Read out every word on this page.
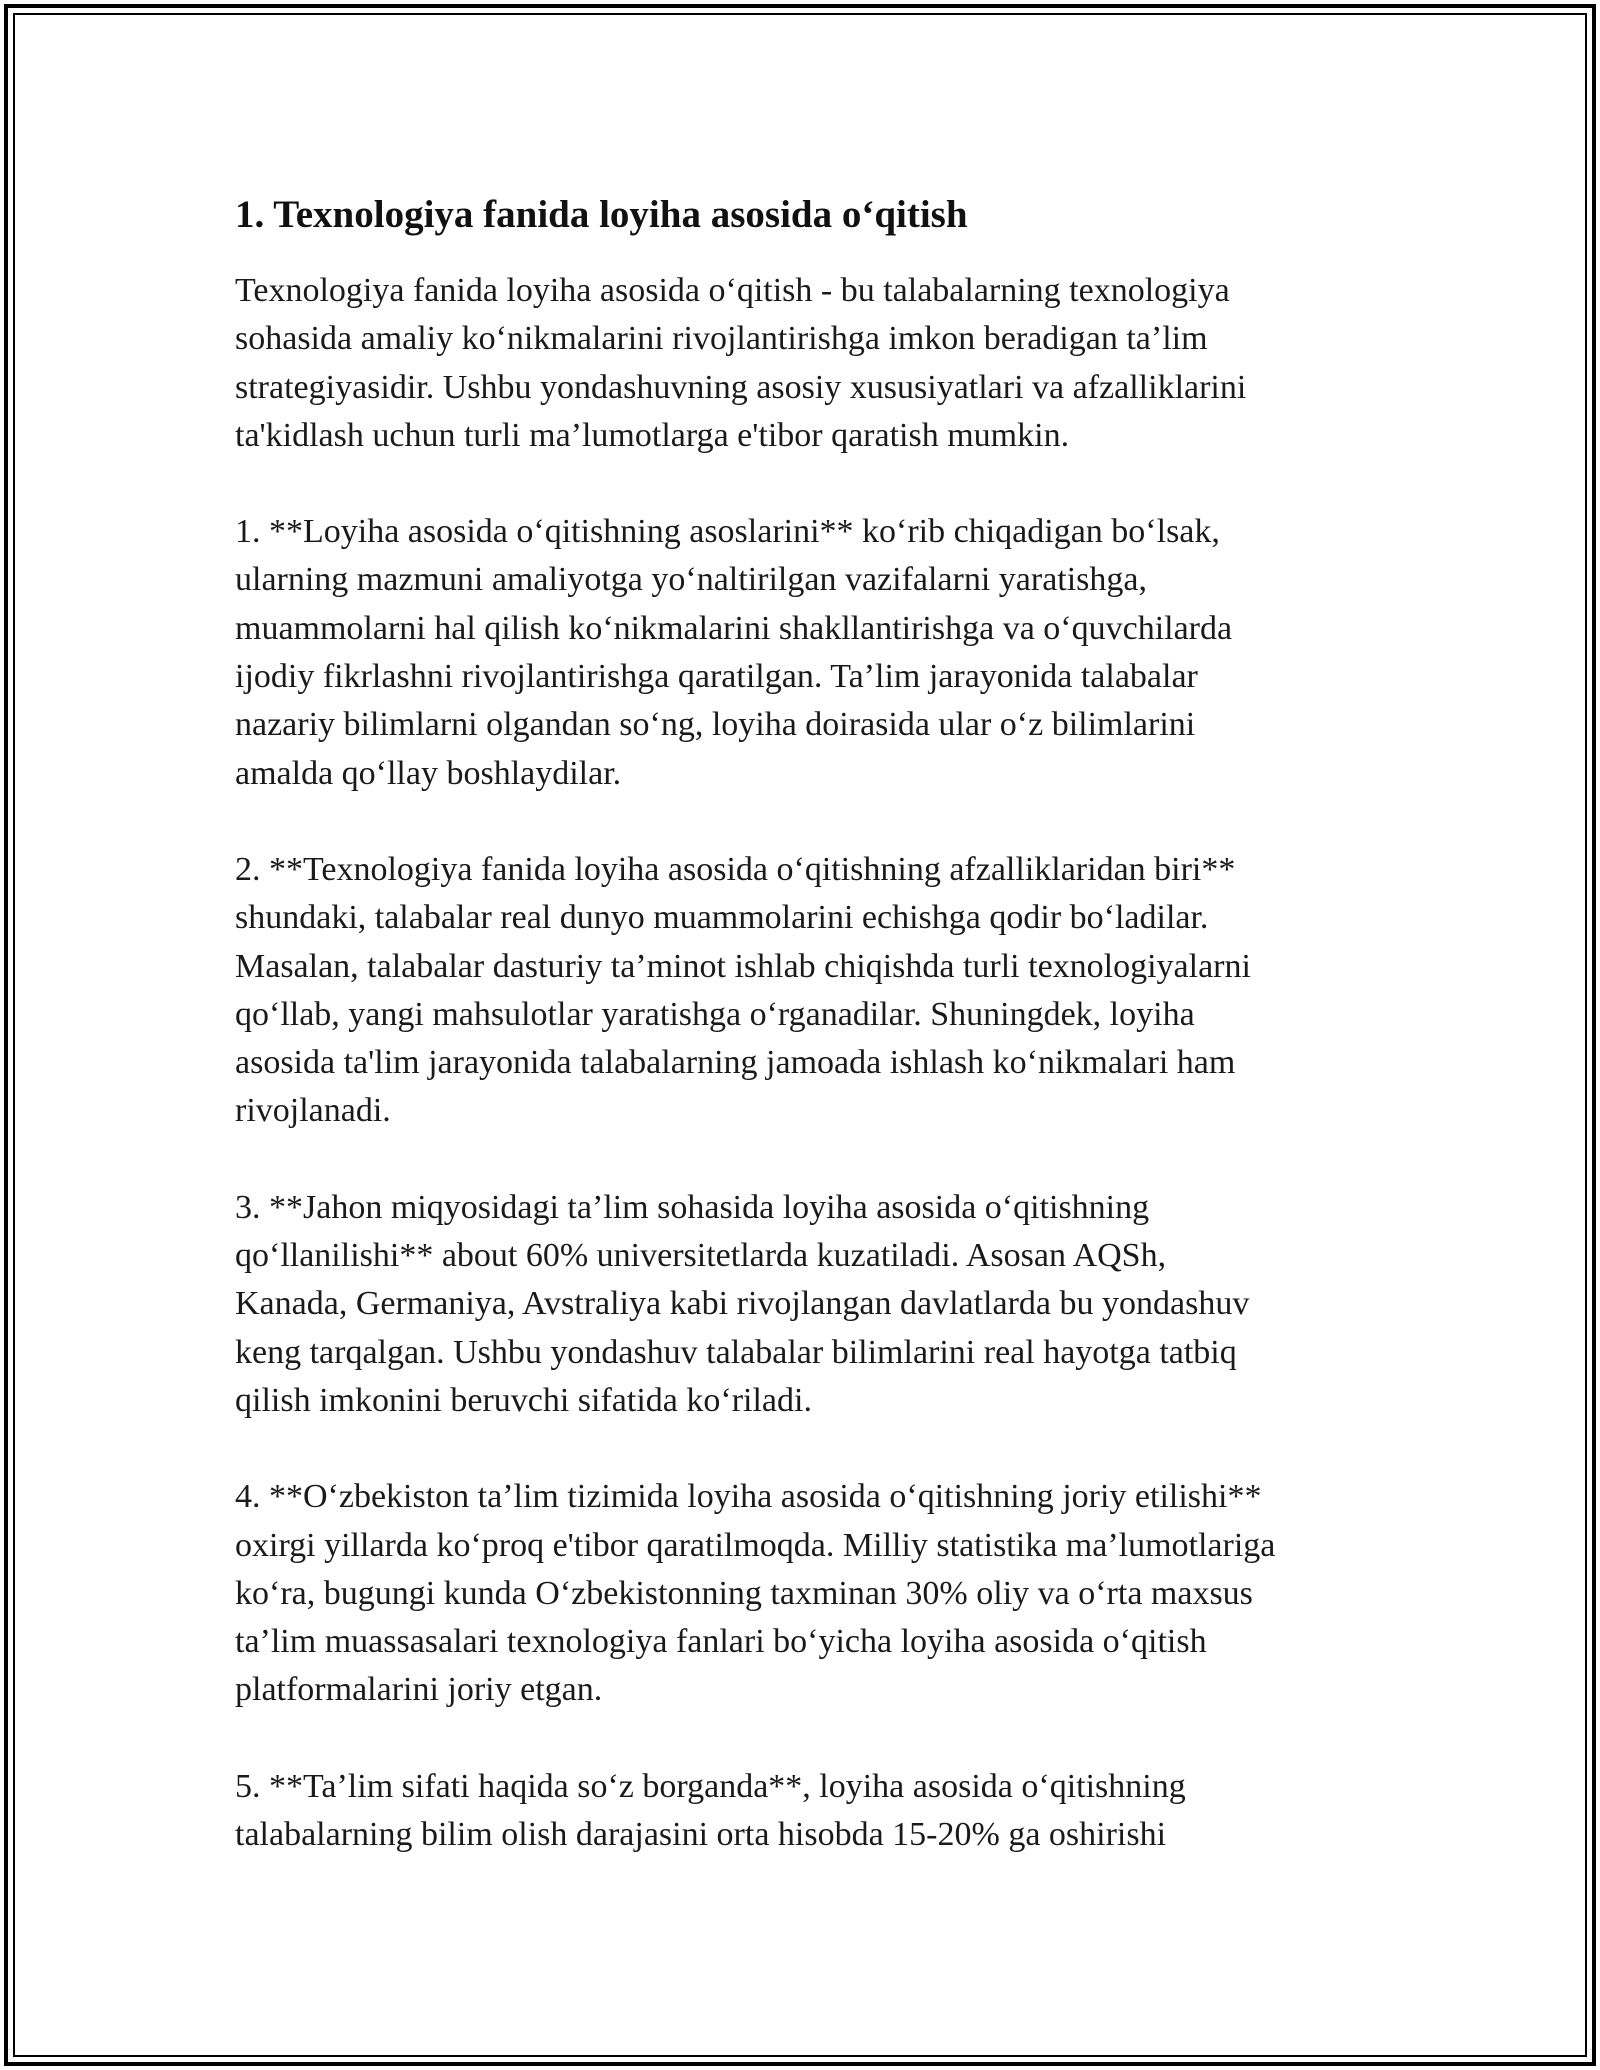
1. Texnologiya fanida loyiha asosida o‘qitish

Texnologiya fanida loyiha asosida o‘qitish - bu talabalarning texnologiya
sohasida amaliy ko‘nikmalarini rivojlantirishga imkon beradigan ta’lim
strategiyasidir. Ushbu yondashuvning asosiy xususiyatlari va afzalliklarini
ta'kidlash uchun turli ma’lumotlarga e'tibor qaratish mumkin.

1. **Loyiha asosida o‘qitishning asoslarini** ko‘rib chiqadigan bo‘lsak,
ularning mazmuni amaliyotga yo‘naltirilgan vazifalarni yaratishga,
muammolarni hal qilish ko‘nikmalarini shakllantirishga va o‘quvchilarda
ijodiy fikrlashni rivojlantirishga qaratilgan. Ta’lim jarayonida talabalar
nazariy bilimlarni olgandan so‘ng, loyiha doirasida ular o‘z bilimlarini
amalda qo‘llay boshlaydilar.

2. **Texnologiya fanida loyiha asosida o‘qitishning afzalliklaridan biri**
shundaki, talabalar real dunyo muammolarini echishga qodir bo‘ladilar.
Masalan, talabalar dasturiy ta’minot ishlab chiqishda turli texnologiyalarni
qo‘llab, yangi mahsulotlar yaratishga o‘rganadilar. Shuningdek, loyiha
asosida ta'lim jarayonida talabalarning jamoada ishlash ko‘nikmalari ham
rivojlanadi.

3. **Jahon miqyosidagi ta’lim sohasida loyiha asosida o‘qitishning
qo‘llanilishi** about 60% universitetlarda kuzatiladi. Asosan AQSh,
Kanada, Germaniya, Avstraliya kabi rivojlangan davlatlarda bu yondashuv
keng tarqalgan. Ushbu yondashuv talabalar bilimlarini real hayotga tatbiq
qilish imkonini beruvchi sifatida ko‘riladi.

4. **O‘zbekiston ta’lim tizimida loyiha asosida o‘qitishning joriy etilishi**
oxirgi yillarda ko‘proq e'tibor qaratilmoqda. Milliy statistika ma’lumotlariga
ko‘ra, bugungi kunda O‘zbekistonning taxminan 30% oliy va o‘rta maxsus
ta’lim muassasalari texnologiya fanlari bo‘yicha loyiha asosida o‘qitish
platformalarini joriy etgan.

5. **Ta’lim sifati haqida so‘z borganda**, loyiha asosida o‘qitishning
talabalarning bilim olish darajasini orta hisobda 15-20% ga oshirishi
